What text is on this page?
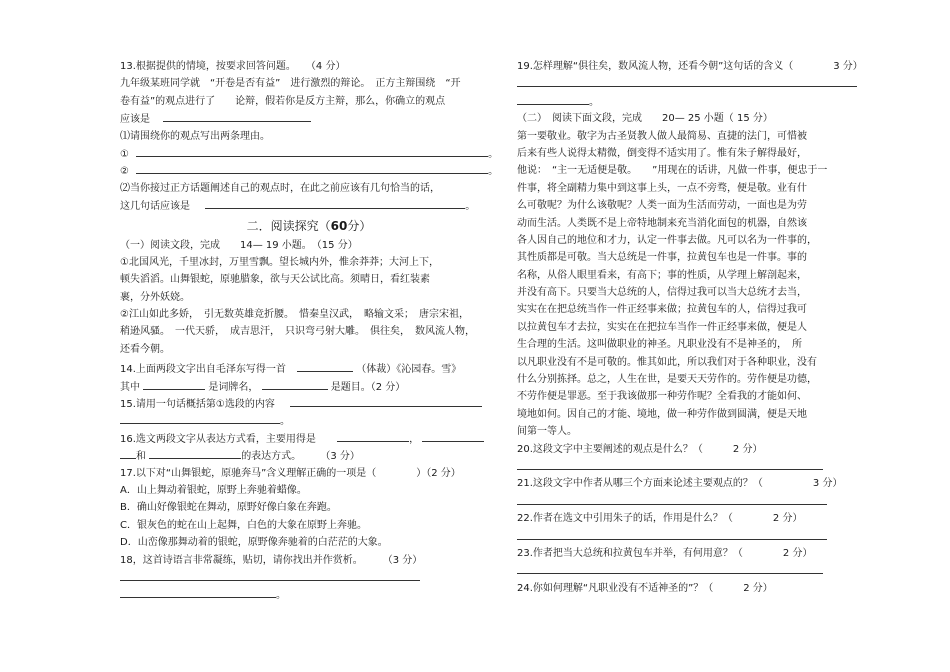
13.根据提供的情境，按要求回答问题。　　（4 分）
九年级某班同学就　“开卷是否有益”　进行激烈的辩论。　正方主辩围绕　“开
卷有益”的观点进行了　　论辩，假若你是反方主辩，那么，你确立的观点
应该是
⑴请围绕你的观点写出两条理由。
①	。
②	。
⑵当你接过正方话题阐述自己的观点时，在此之前应该有几句恰当的话，
这几句话应该是	。
二．阅读探究（60分）
（一）阅读文段，完成　　14— 19 小题。　（15 分）
①北国风光，千里冰封，万里雪飘。望长城内外，惟余莽莽；大河上下，
顿失滔滔。山舞银蛇，原驰腊象，欲与天公试比高。须晴日，看红装素
裹，分外妖娆。
②江山如此多娇，　引无数英雄竞折腰。　惜秦皇汉武，　略输文采；　唐宗宋祖，
稍逊风骚。　一代天骄，　成吉思汗，　只识弯弓射大雕。　俱往矣，　数风流人物，
还看今朝。
14.上面两段文字出自毛泽东写得一首	（体裁）《沁园春。雪》
其中	是词牌名，	是题目。（2 分）
15.请用一句话概括第①选段的内容
。
16.选文两段文字从表达方式看，主要用得是	，
和	的表达方式。 （3 分）
17.以下对“山舞银蛇，原驰奔马”含义理解正确的一项是（　　　　）（2 分）
A．山上舞动着银蛇，原野上奔驰着蜡像。
B．确山好像银蛇在舞动，原野好像白象在奔跑。
C．银灰色的蛇在山上起舞，白色的大象在原野上奔驰。
D．山峦像那舞动着的银蛇，原野像奔驰着的白茫茫的大象。
18，这首诗语言非常凝练，贴切，请你找出并作赏析。　　　（3 分）
。
19.怎样理解“俱往矣，数风流人物，还看今朝”这句话的含义（　　　　3 分）
。
（二）　阅读下面文段，完成　　20— 25 小题（ 15 分）
第一要敬业。敬字为古圣贤教人做人最简易、直捷的法门，可惜被
后来有些人说得太精微，倒变得不适实用了。惟有朱子解得最好，
他说：　“主一无适便是敬。　　”用现在的话讲，凡做一件事，便忠于一
件事，将全副精力集中到这事上头，一点不旁骛，便是敬。业有什
么可敬呢？为什么该敬呢？人类一面为生活而劳动，一面也是为劳
动而生活。人类既不是上帝特地制来充当消化面包的机器，自然该
各人因自己的地位和才力，认定一件事去做。凡可以名为一件事的，
其性质都是可敬。当大总统是一件事，拉黄包车也是一件事。事的
名称，从俗人眼里看来，有高下；事的性质，从学理上解剖起来，
并没有高下。只要当大总统的人，信得过我可以当大总统才去当，
实实在在把总统当作一件正经事来做；拉黄包车的人，信得过我可
以拉黄包车才去拉，实实在在把拉车当作一件正经事来做，便是人
生合理的生活。这叫做职业的神圣。凡职业没有不是神圣的，　所
以凡职业没有不是可敬的。惟其如此，所以我们对于各种职业，没有
什么分别拣择。总之，人生在世，是要天天劳作的。劳作便是功德，
不劳作便是罪恶。至于我该做那一种劳作呢？全看我的才能如何、
境地如何。因自己的才能、境地，做一种劳作做到圆满，便是天地
间第一等人。
20.这段文字中主要阐述的观点是什么？（　　　2 分）
21.这段文字中作者从哪三个方面来论述主要观点的？（　　　　　3 分）
22.作者在选文中引用朱子的话，作用是什么？（　　　　2 分）
23.作者把当大总统和拉黄包车并举，有何用意？（　　　　2 分）
24.你如何理解“凡职业没有不适神圣的”？（　　　2 分）
